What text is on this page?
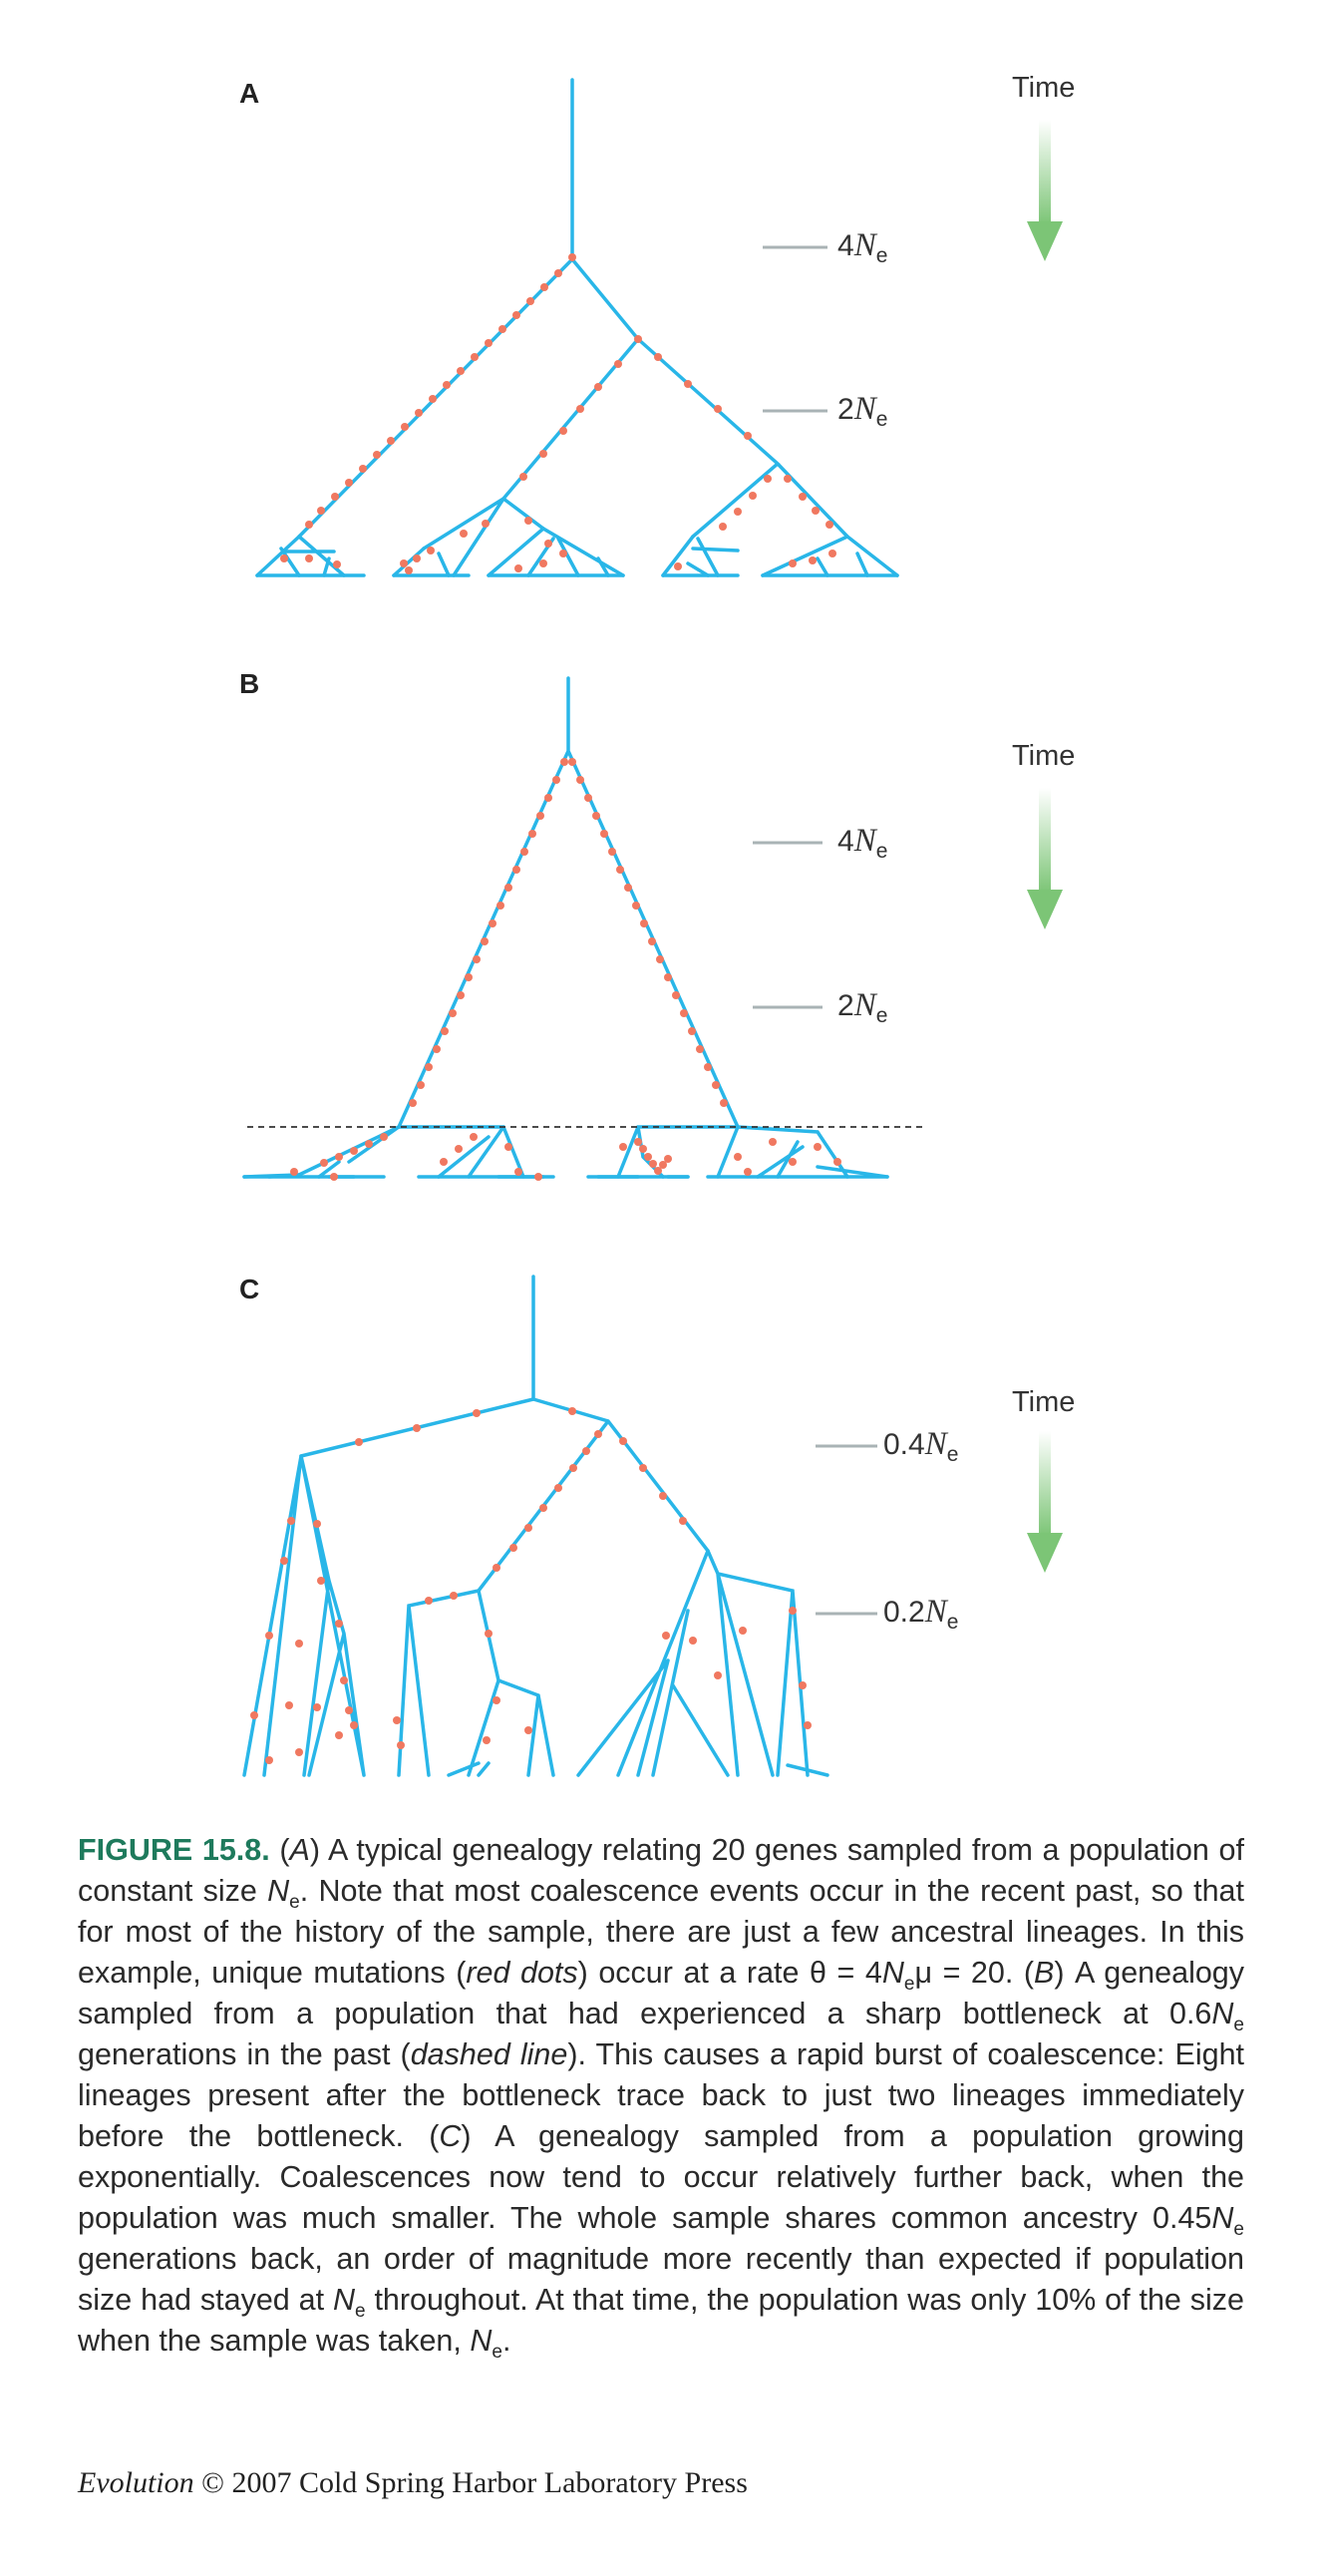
A	Time
$4N_e$
$2N_e$
B
Time
$4N_e$
$2N_e$
C
Time
$0.4N_e$
$0.2N_e$
FIGURE 15.8. (A) A typical genealogy relating 20 genes sampled from a population of constant size $N_e$. Note that most coalescence events occur in the recent past, so that for most of the history of the sample, there are just a few ancestral lineages. In this example, unique mutations (red dots) occur at a rate $\theta = 4N_e\mu = 20$. (B) A genealogy sampled from a population that had experienced a sharp bottleneck at $0.6N_e$ generations in the past (dashed line). This causes a rapid burst of coalescence: Eight lineages present after the bottleneck trace back to just two lineages immediately before the bottleneck. (C) A genealogy sampled from a population growing exponentially. Coalescences now tend to occur relatively further back, when the population was much smaller. The whole sample shares common ancestry $0.45N_e$ generations back, an order of magnitude more recently than expected if population size had stayed at $N_e$ throughout. At that time, the population was only 10% of the size when the sample was taken, $N_e$.
Evolution © 2007 Cold Spring Harbor Laboratory Press
